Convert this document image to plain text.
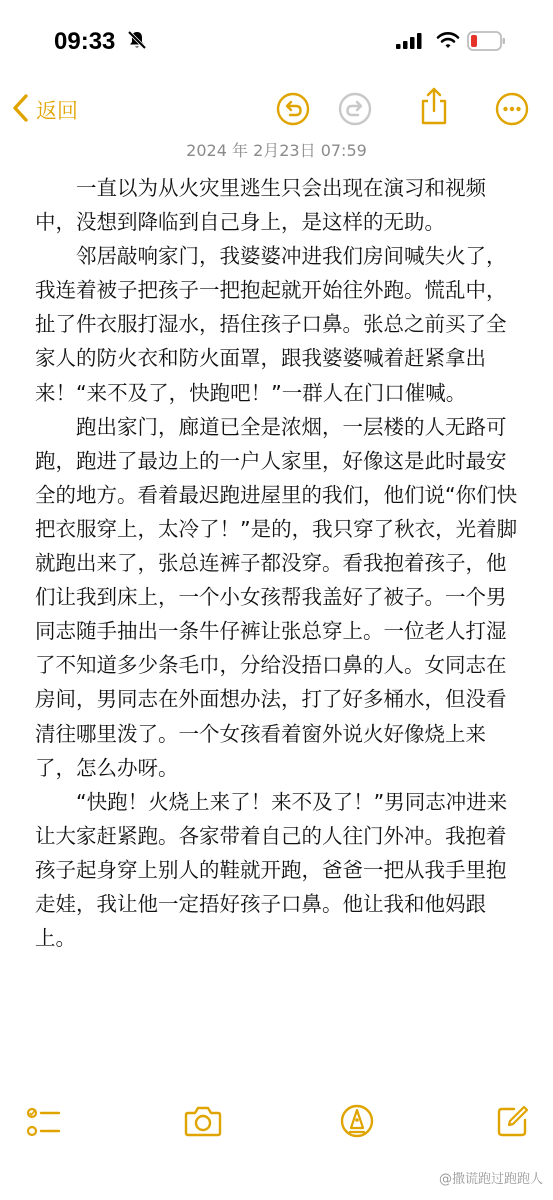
09:33
返回
2024 年 2月23日 07:59

一直以为从火灾里逃生只会出现在演习和视频中，没想到降临到自己身上，是这样的无助。

邻居敲响家门，我婆婆冲进我们房间喊失火了，我连着被子把孩子一把抱起就开始往外跑。慌乱中，扯了件衣服打湿水，捂住孩子口鼻。张总之前买了全家人的防火衣和防火面罩，跟我婆婆喊着赶紧拿出来！“来不及了，快跑吧！”一群人在门口催喊。

跑出家门，廊道已全是浓烟，一层楼的人无路可跑，跑进了最边上的一户人家里，好像这是此时最安全的地方。看着最迟跑进屋里的我们，他们说“你们快把衣服穿上，太冷了！”是的，我只穿了秋衣，光着脚就跑出来了，张总连裤子都没穿。看我抱着孩子，他们让我到床上，一个小女孩帮我盖好了被子。一个男同志随手抽出一条牛仔裤让张总穿上。一位老人打湿了不知道多少条毛巾，分给没捂口鼻的人。女同志在房间，男同志在外面想办法，打了好多桶水，但没看清往哪里泼了。一个女孩看着窗外说火好像烧上来了，怎么办呀。

“快跑！火烧上来了！来不及了！”男同志冲进来让大家赶紧跑。各家带着自己的人往门外冲。我抱着孩子起身穿上别人的鞋就开跑，爸爸一把从我手里抱走娃，我让他一定捂好孩子口鼻。他让我和他妈跟上。

@撒谎跑过跑跑人
